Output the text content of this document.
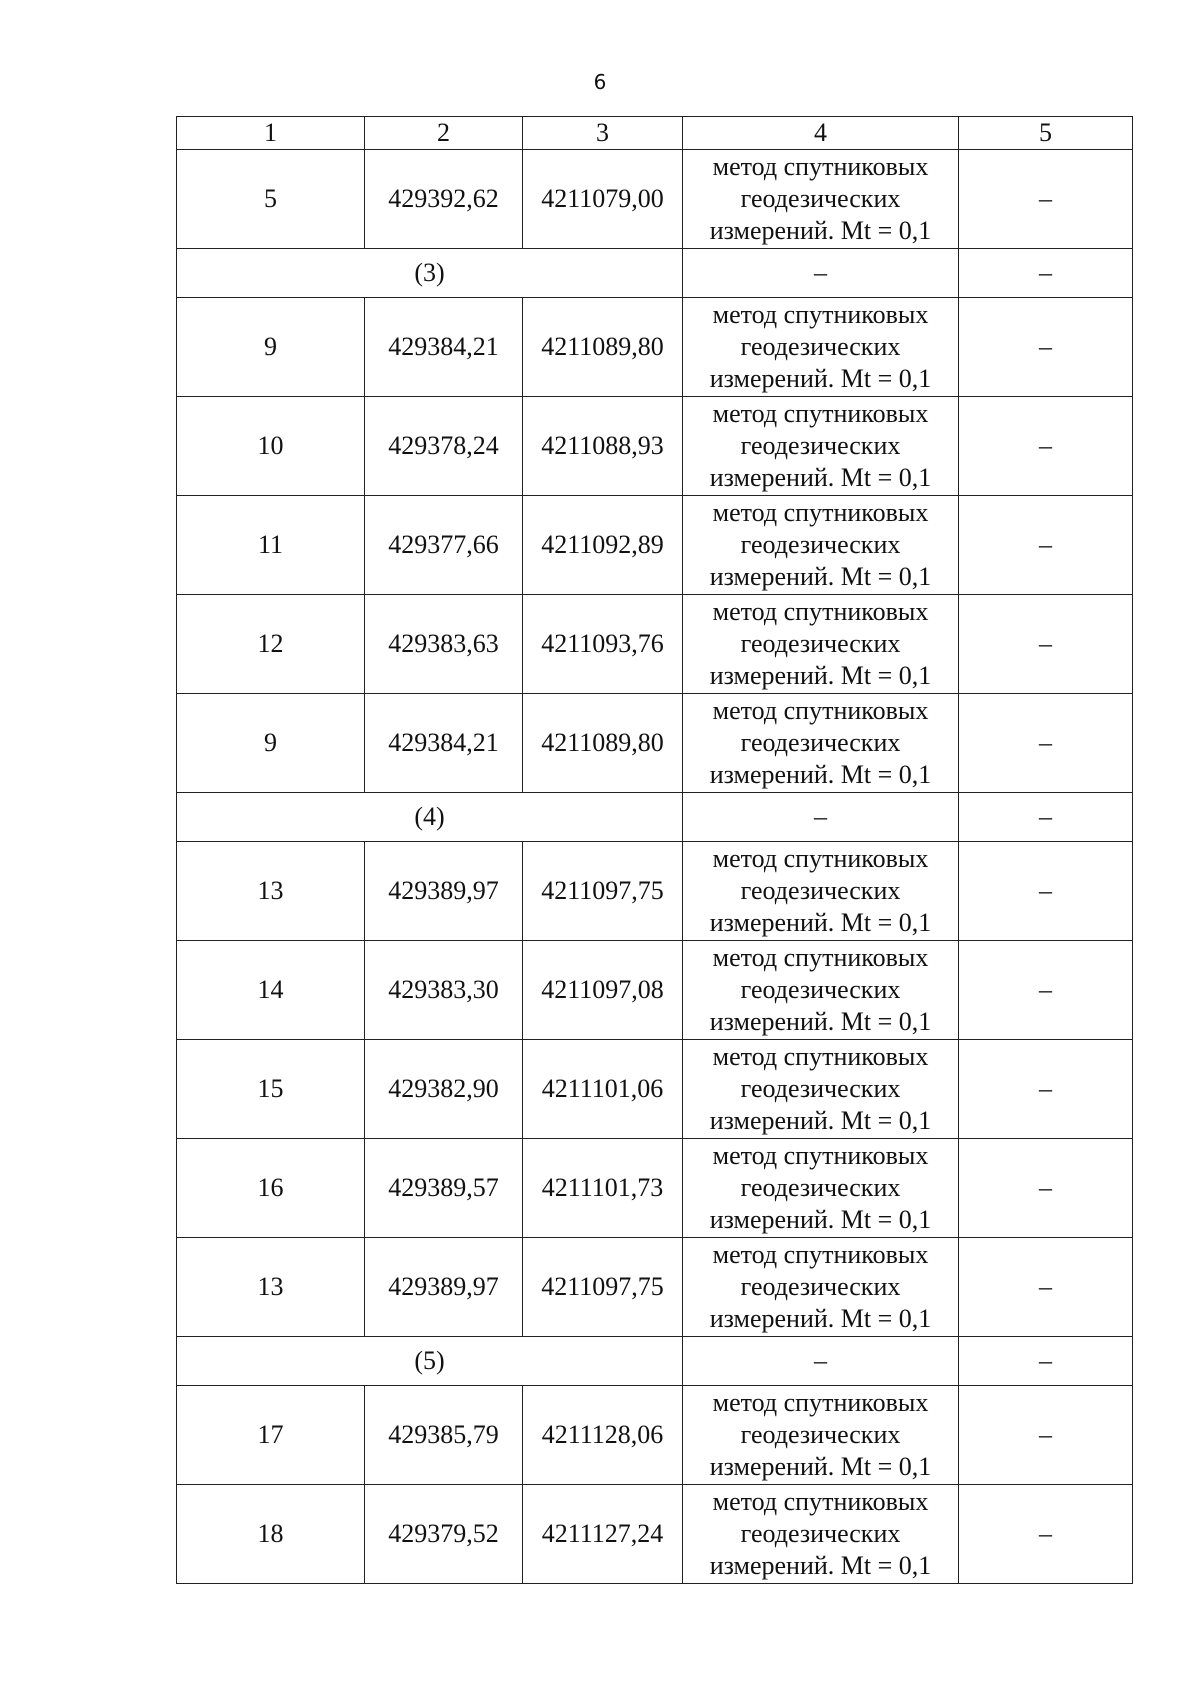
6
1	2	3	4	5
5	429392,62	4211079,00	метод спутниковых
геодезических
измерений. Mt = 0,1	–
(3)			–	–
9	429384,21	4211089,80	метод спутниковых
геодезических
измерений. Mt = 0,1	–
10	429378,24	4211088,93	метод спутниковых
геодезических
измерений. Mt = 0,1	–
11	429377,66	4211092,89	метод спутниковых
геодезических
измерений. Mt = 0,1	–
12	429383,63	4211093,76	метод спутниковых
геодезических
измерений. Mt = 0,1	–
9	429384,21	4211089,80	метод спутниковых
геодезических
измерений. Mt = 0,1	–
(4)			–	–
13	429389,97	4211097,75	метод спутниковых
геодезических
измерений. Mt = 0,1	–
14	429383,30	4211097,08	метод спутниковых
геодезических
измерений. Mt = 0,1	–
15	429382,90	4211101,06	метод спутниковых
геодезических
измерений. Mt = 0,1	–
16	429389,57	4211101,73	метод спутниковых
геодезических
измерений. Mt = 0,1	–
13	429389,97	4211097,75	метод спутниковых
геодезических
измерений. Mt = 0,1	–
(5)			–	–
17	429385,79	4211128,06	метод спутниковых
геодезических
измерений. Mt = 0,1	–
18	429379,52	4211127,24	метод спутниковых
геодезических
измерений. Mt = 0,1	–
